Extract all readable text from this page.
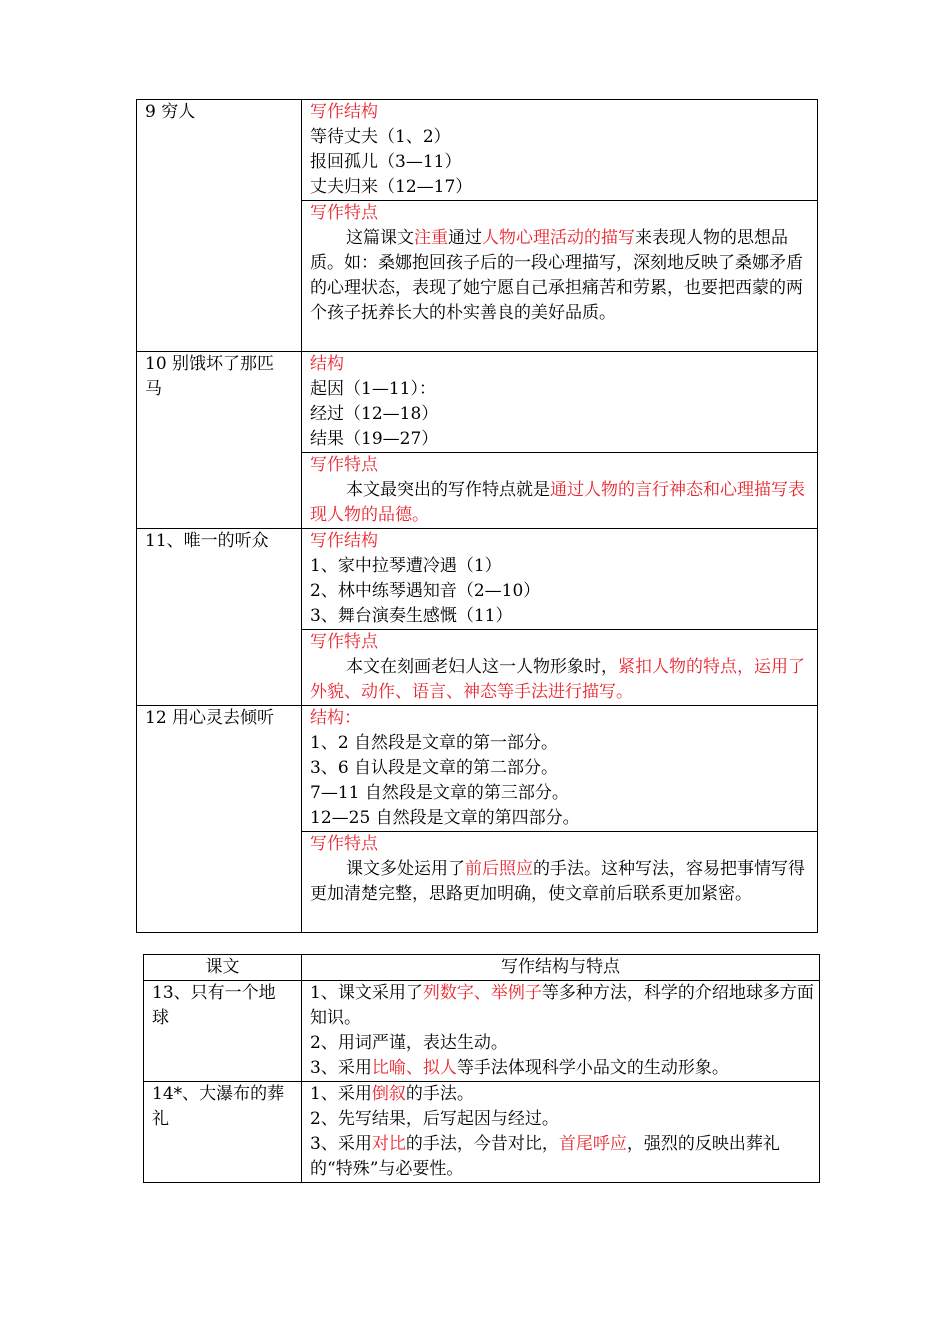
9 穷人	写作结构
等待丈夫（1、2）
报回孤儿（3—11）
丈夫归来（12—17）

	写作特点
这篇课文注重通过人物心理活动的描写来表现人物的思想品质。如：桑娜抱回孩子后的一段心理描写，深刻地反映了桑娜矛盾的心理状态，表现了她宁愿自己承担痛苦和劳累，也要把西蒙的两个孩子抚养长大的朴实善良的美好品质。

10 别饿坏了那匹马	结构
起因（1—11）：
经过（12—18）
结果（19—27）

	写作特点
本文最突出的写作特点就是通过人物的言行神态和心理描写表现人物的品德。

11、唯一的听众	写作结构
1、家中拉琴遭冷遇（1）
2、林中练琴遇知音（2—10）
3、舞台演奏生感慨（11）

	写作特点
本文在刻画老妇人这一人物形象时，紧扣人物的特点，运用了外貌、动作、语言、神态等手法进行描写。

12 用心灵去倾听	结构：
1、2 自然段是文章的第一部分。
3、6 自认段是文章的第二部分。
7—11 自然段是文章的第三部分。
12—25 自然段是文章的第四部分。

	写作特点
课文多处运用了前后照应的手法。这种写法，容易把事情写得更加清楚完整，思路更加明确，使文章前后联系更加紧密。
课文	写作结构与特点

13、只有一个地球	1、课文采用了列数字、举例子等多种方法，科学的介绍地球多方面知识。
2、用词严谨，表达生动。
3、采用比喻、拟人等手法体现科学小品文的生动形象。

14*、大瀑布的葬礼	1、采用倒叙的手法。
2、先写结果，后写起因与经过。
3、采用对比的手法，今昔对比，首尾呼应，强烈的反映出葬礼的“特殊”与必要性。
